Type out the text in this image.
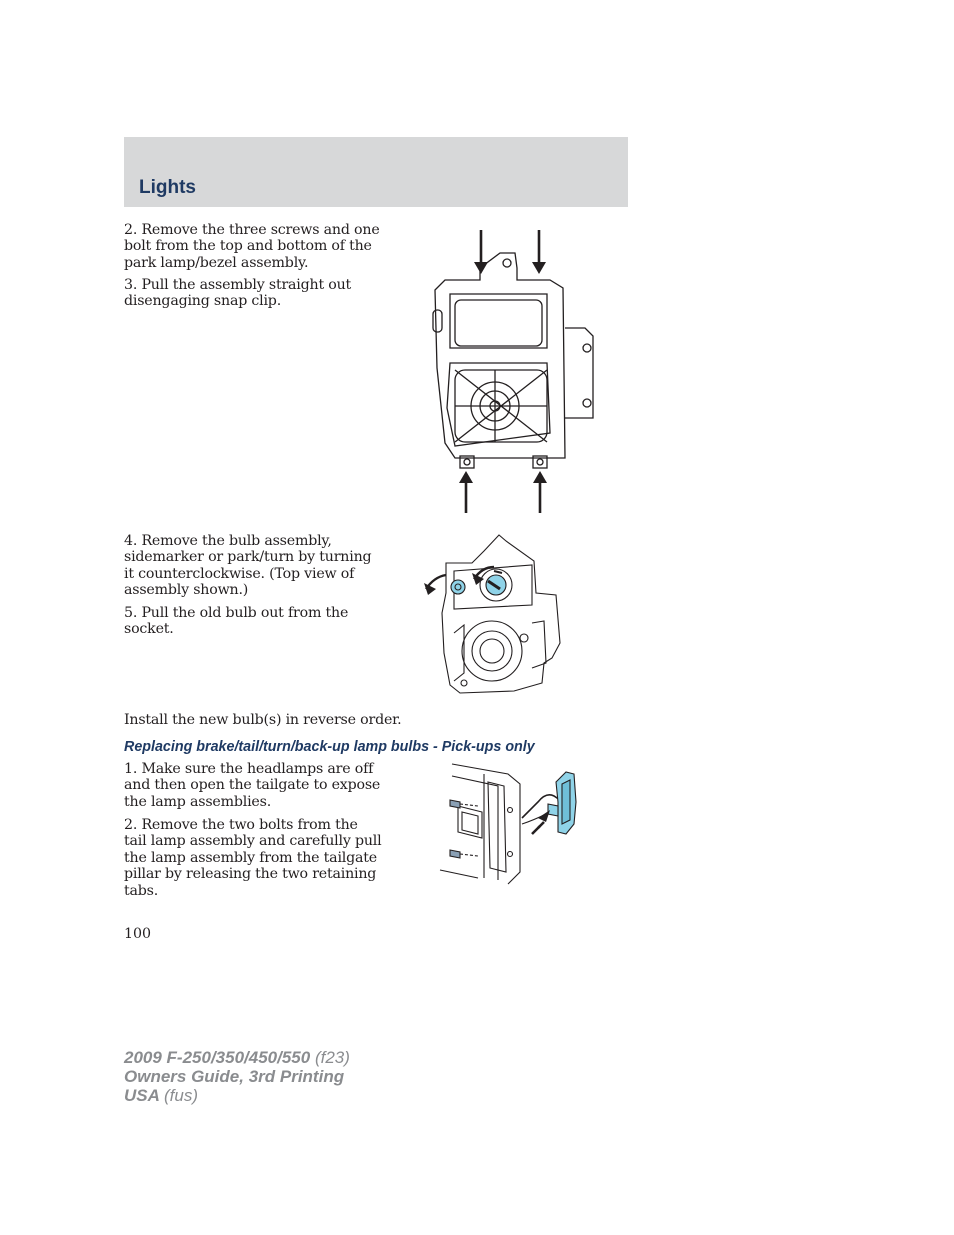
Lights

2. Remove the three screws and one bolt from the top and bottom of the park lamp/bezel assembly.

3. Pull the assembly straight out disengaging snap clip.

4. Remove the bulb assembly, sidemarker or park/turn by turning it counterclockwise. (Top view of assembly shown.)

5. Pull the old bulb out from the socket.

Install the new bulb(s) in reverse order.

Replacing brake/tail/turn/back-up lamp bulbs - Pick-ups only

1. Make sure the headlamps are off and then open the tailgate to expose the lamp assemblies.

2. Remove the two bolts from the tail lamp assembly and carefully pull the lamp assembly from the tailgate pillar by releasing the two retaining tabs.

100

2009 F-250/350/450/550 (f23)
Owners Guide, 3rd Printing
USA (fus)
